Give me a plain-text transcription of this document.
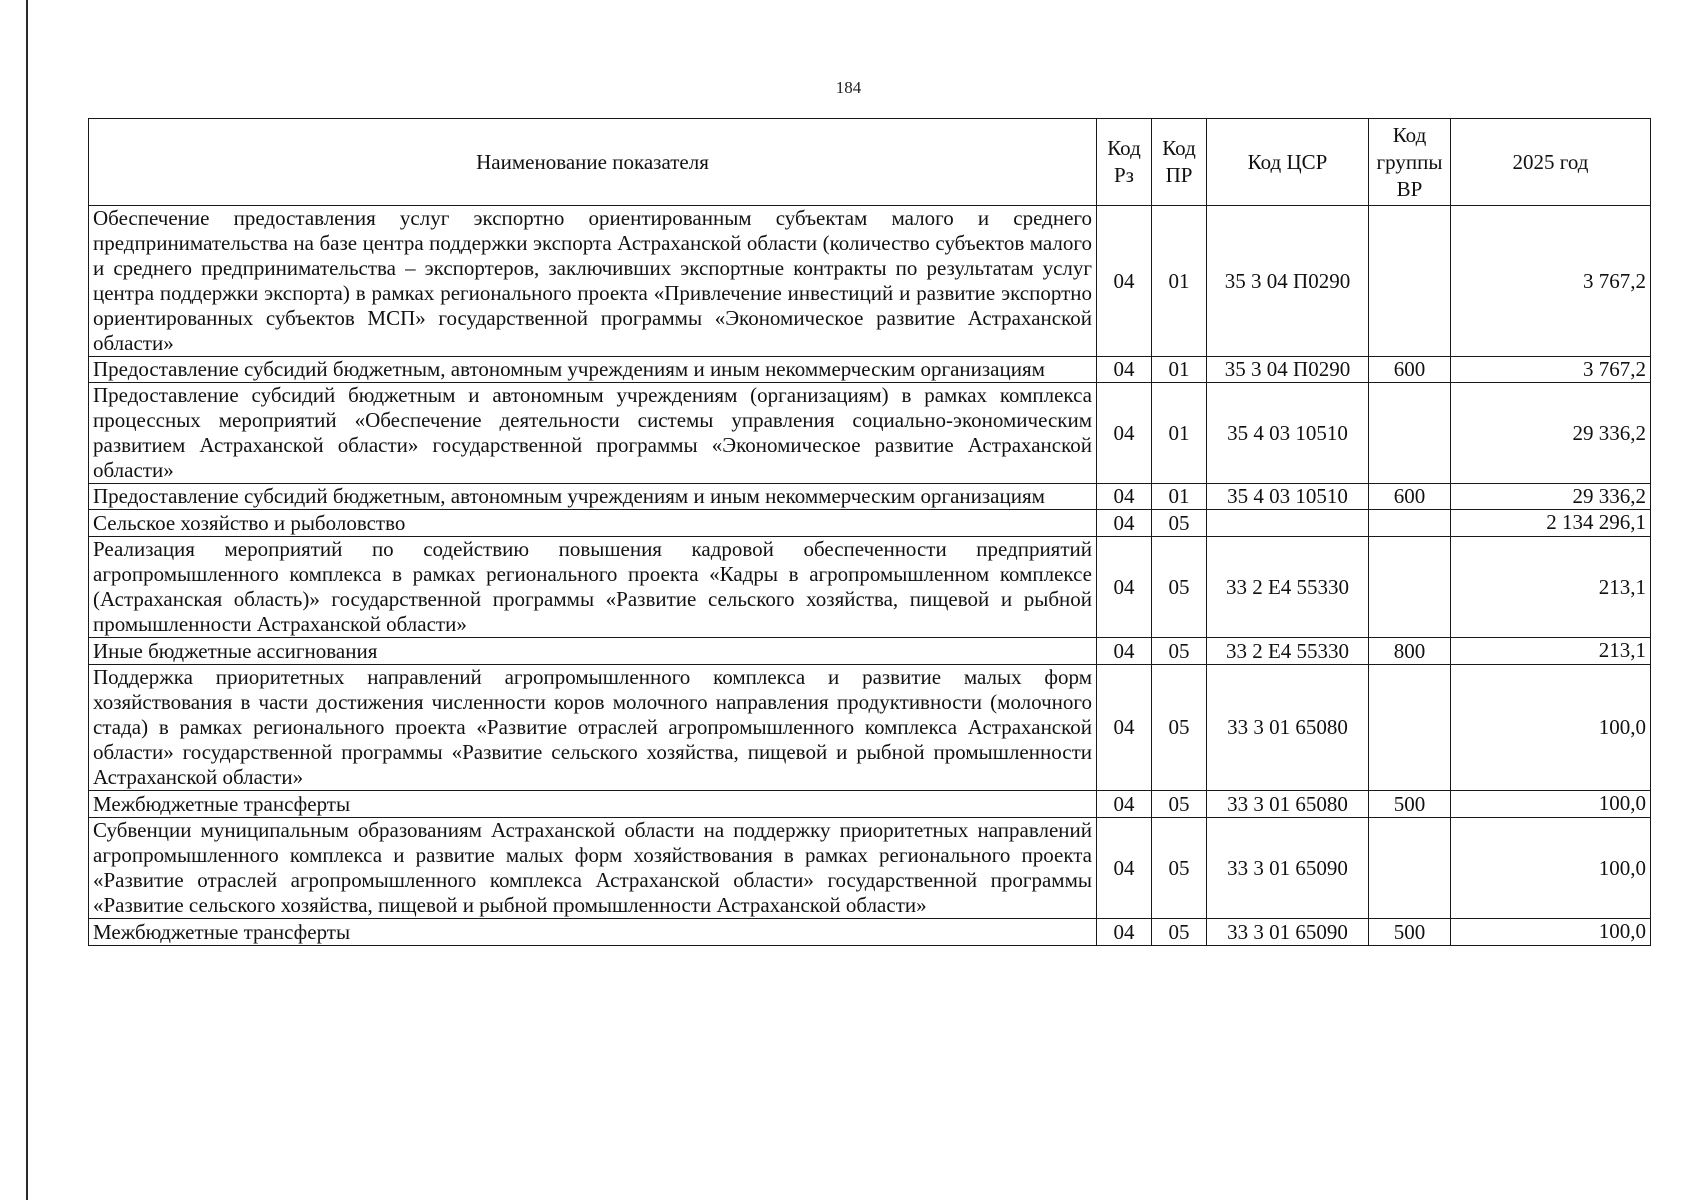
184
Наименование показателя	Код Рз	Код ПР	Код ЦСР	Код группы ВР	2025 год
Обеспечение предоставления услуг экспортно ориентированным субъектам малого и среднего предпринимательства на базе центра поддержки экспорта Астраханской области (количество субъектов малого и среднего предпринимательства – экспортеров, заключивших экспортные контракты по результатам услуг центра поддержки экспорта) в рамках регионального проекта «Привлечение инвестиций и развитие экспортно ориентированных субъектов МСП» государственной программы «Экономическое развитие Астраханской области»	04	01	35 3 04 П0290		3 767,2
Предоставление субсидий бюджетным, автономным учреждениям и иным некоммерческим организациям	04	01	35 3 04 П0290	600	3 767,2
Предоставление субсидий бюджетным и автономным учреждениям (организациям) в рамках комплекса процессных мероприятий «Обеспечение деятельности системы управления социально-экономическим развитием Астраханской области» государственной программы «Экономическое развитие Астраханской области»	04	01	35 4 03 10510		29 336,2
Предоставление субсидий бюджетным, автономным учреждениям и иным некоммерческим организациям	04	01	35 4 03 10510	600	29 336,2
Сельское хозяйство и рыболовство	04	05			2 134 296,1
Реализация мероприятий по содействию повышения кадровой обеспеченности предприятий агропромышленного комплекса в рамках регионального проекта «Кадры в агропромышленном комплексе (Астраханская область)» государственной программы «Развитие сельского хозяйства, пищевой и рыбной промышленности Астраханской области»	04	05	33 2 Е4 55330		213,1
Иные бюджетные ассигнования	04	05	33 2 Е4 55330	800	213,1
Поддержка приоритетных направлений агропромышленного комплекса и развитие малых форм хозяйствования в части достижения численности коров молочного направления продуктивности (молочного стада) в рамках регионального проекта «Развитие отраслей агропромышленного комплекса Астраханской области» государственной программы «Развитие сельского хозяйства, пищевой и рыбной промышленности Астраханской области»	04	05	33 3 01 65080		100,0
Межбюджетные трансферты	04	05	33 3 01 65080	500	100,0
Субвенции муниципальным образованиям Астраханской области на поддержку приоритетных направлений агропромышленного комплекса и развитие малых форм хозяйствования в рамках регионального проекта «Развитие отраслей агропромышленного комплекса Астраханской области» государственной программы «Развитие сельского хозяйства, пищевой и рыбной промышленности Астраханской области»	04	05	33 3 01 65090		100,0
Межбюджетные трансферты	04	05	33 3 01 65090	500	100,0
